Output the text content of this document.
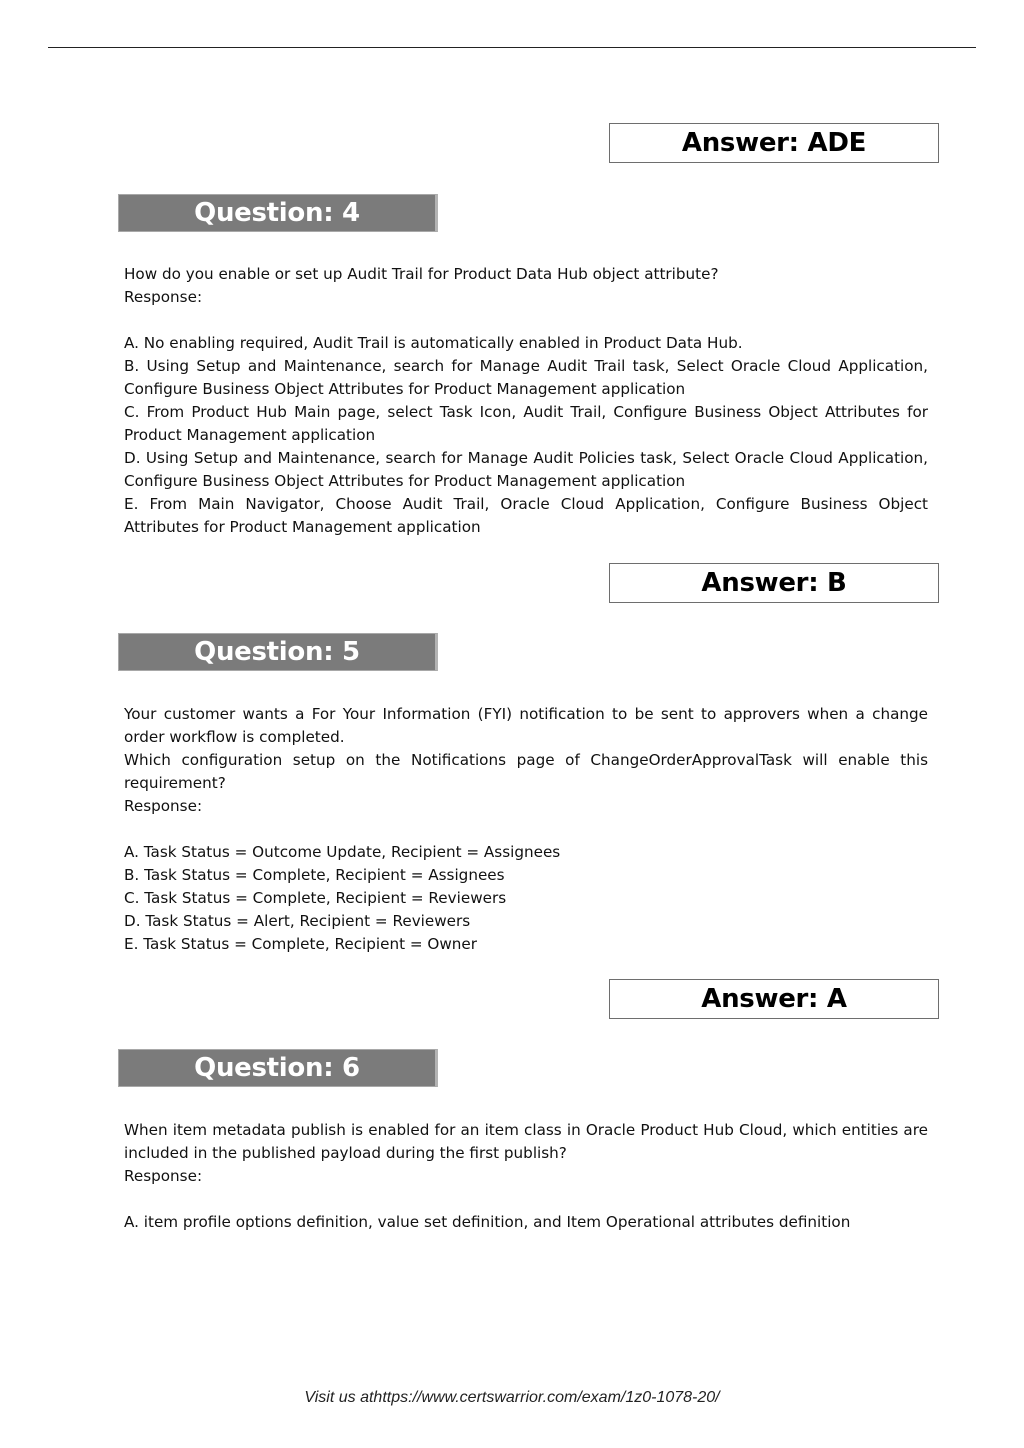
Answer: ADE
Question: 4
How do you enable or set up Audit Trail for Product Data Hub object attribute?
Response:
A. No enabling required, Audit Trail is automatically enabled in Product Data Hub.
B. Using Setup and Maintenance, search for Manage Audit Trail task, Select Oracle Cloud Application, Configure Business Object Attributes for Product Management application
C. From Product Hub Main page, select Task Icon, Audit Trail, Configure Business Object Attributes for Product Management application
D. Using Setup and Maintenance, search for Manage Audit Policies task, Select Oracle Cloud Application, Configure Business Object Attributes for Product Management application
E. From Main Navigator, Choose Audit Trail, Oracle Cloud Application, Configure Business Object Attributes for Product Management application
Answer: B
Question: 5
Your customer wants a For Your Information (FYI) notification to be sent to approvers when a change order workflow is completed.
Which configuration setup on the Notifications page of ChangeOrderApprovalTask will enable this requirement?
Response:
A. Task Status = Outcome Update, Recipient = Assignees
B. Task Status = Complete, Recipient = Assignees
C. Task Status = Complete, Recipient = Reviewers
D. Task Status = Alert, Recipient = Reviewers
E. Task Status = Complete, Recipient = Owner
Answer: A
Question: 6
When item metadata publish is enabled for an item class in Oracle Product Hub Cloud, which entities are included in the published payload during the first publish?
Response:
A. item profile options definition, value set definition, and Item Operational attributes definition
Visit us athttps://www.certswarrior.com/exam/1z0-1078-20/
